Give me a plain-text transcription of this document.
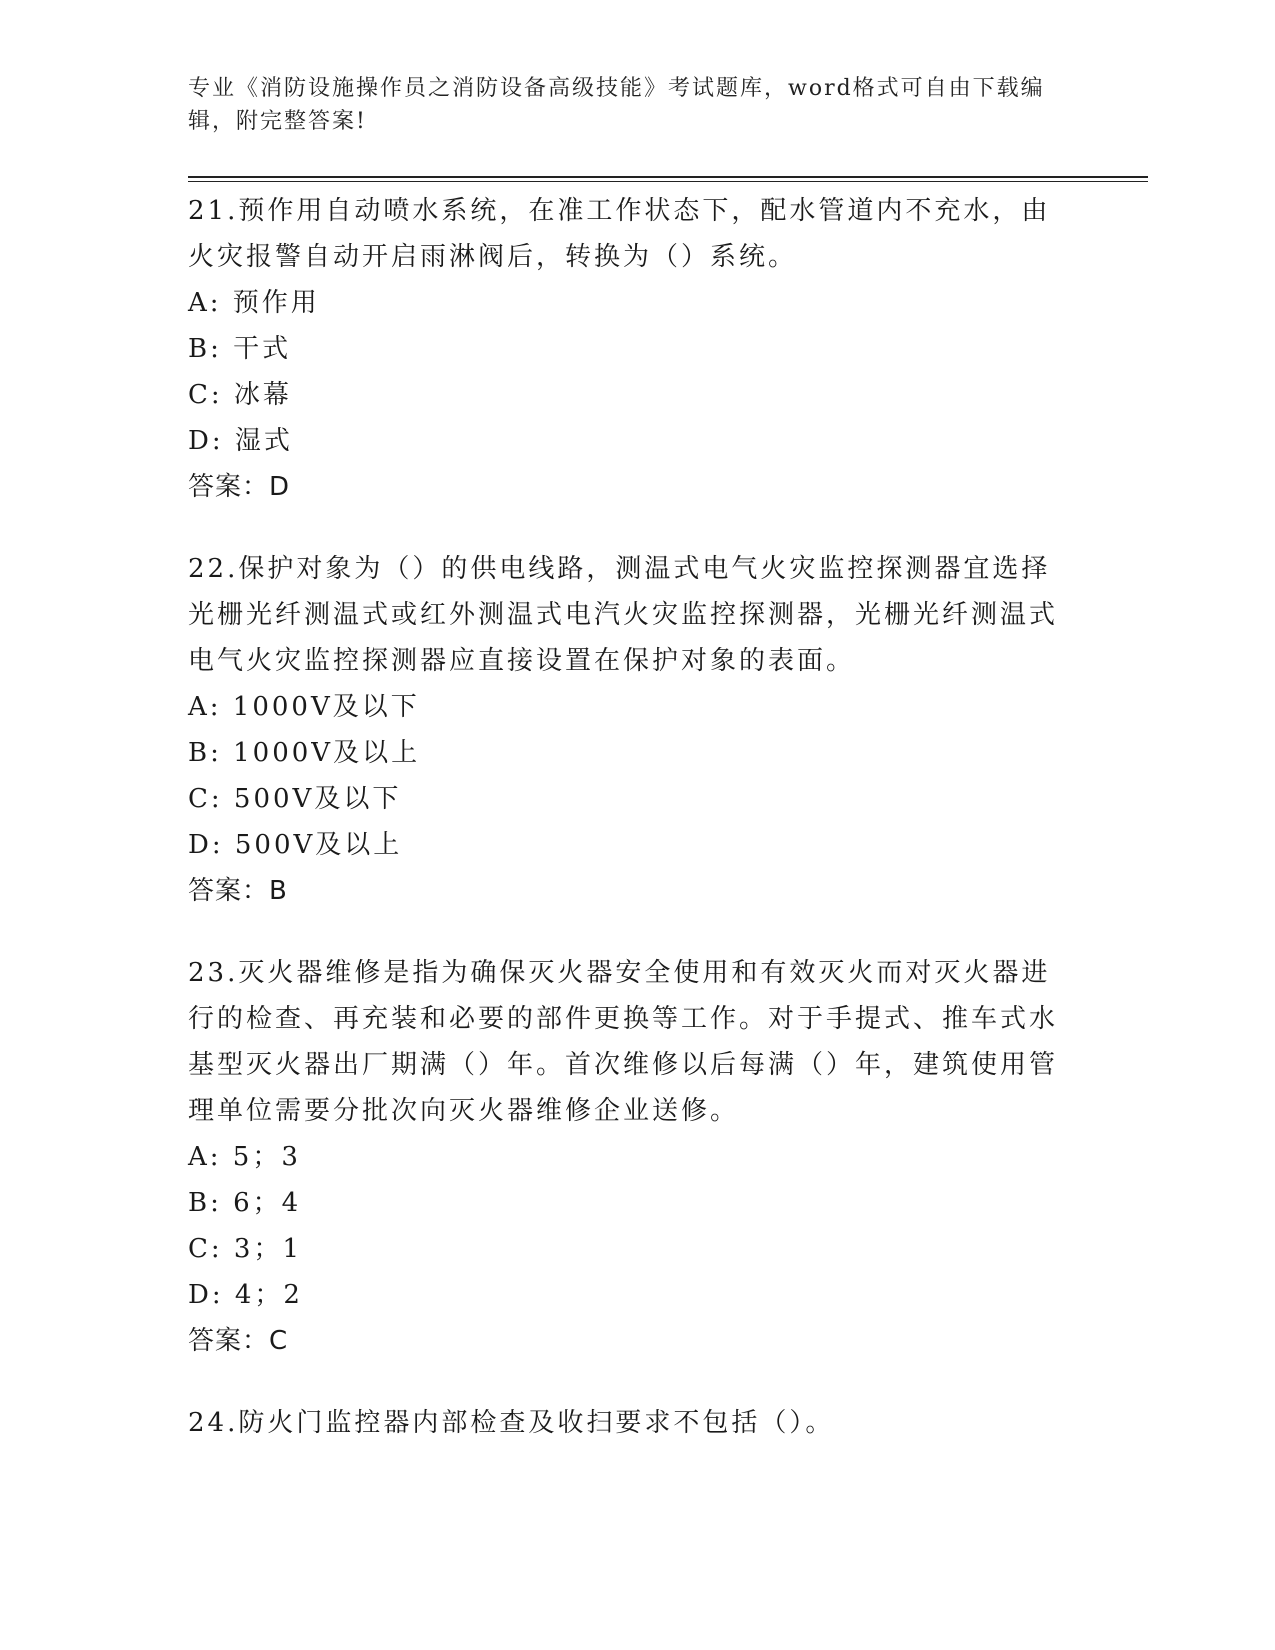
专业《消防设施操作员之消防设备高级技能》考试题库，word格式可自由下载编辑，附完整答案!

21.预作用自动喷水系统，在准工作状态下，配水管道内不充水，由火灾报警自动开启雨淋阀后，转换为（）系统。

A: 预作用

B: 干式

C: 冰幕

D: 湿式

答案：D

22.保护对象为（）的供电线路，测温式电气火灾监控探测器宜选择光栅光纤测温式或红外测温式电汽火灾监控探测器，光栅光纤测温式电气火灾监控探测器应直接设置在保护对象的表面。

A: 1000V及以下

B: 1000V及以上

C: 500V及以下

D: 500V及以上

答案：B

23.灭火器维修是指为确保灭火器安全使用和有效灭火而对灭火器进行的检查、再充装和必要的部件更换等工作。对于手提式、推车式水基型灭火器出厂期满（）年。首次维修以后每满（）年，建筑使用管理单位需要分批次向灭火器维修企业送修。

A: 5；3

B: 6；4

C: 3；1

D: 4；2

答案：C

24.防火门监控器内部检查及收扫要求不包括（）。
